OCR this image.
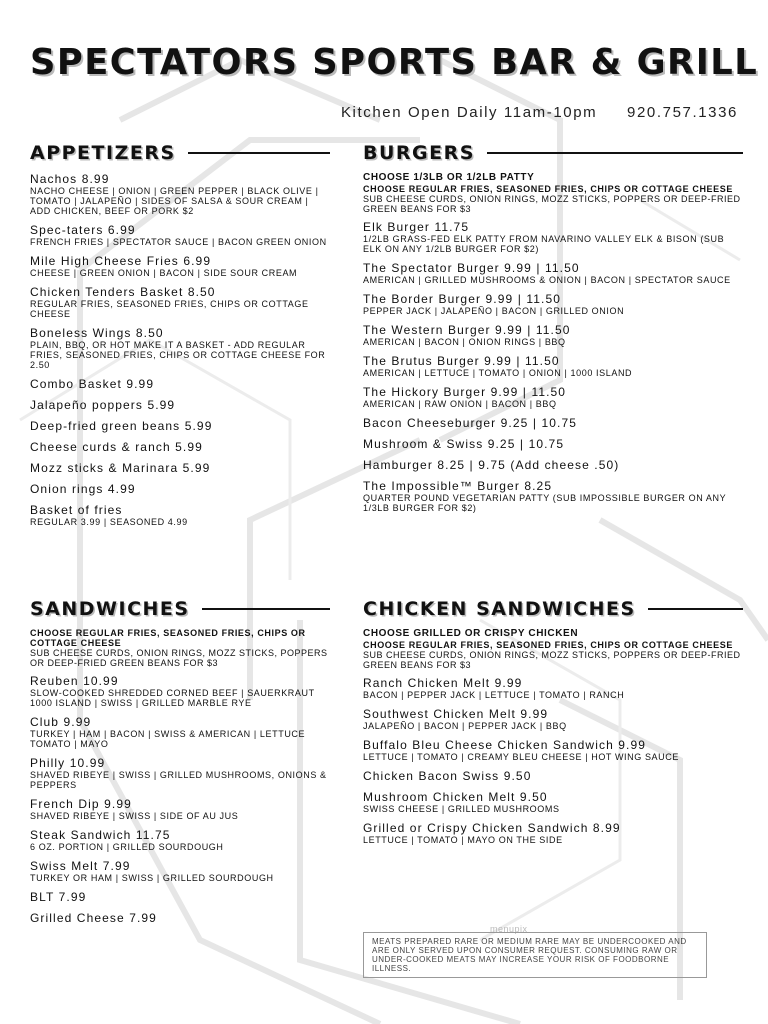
SPECTATORS SPORTS BAR & GRILL
Kitchen Open Daily 11am-10pm 920.757.1336
APPETIZERS
Nachos 8.99
NACHO CHEESE | ONION | GREEN PEPPER | BLACK OLIVE | TOMATO | JALAPEÑO | SIDES OF SALSA & SOUR CREAM | ADD CHICKEN, BEEF OR PORK $2
Spec-taters 6.99
FRENCH FRIES | SPECTATOR SAUCE | BACON GREEN ONION
Mile High Cheese Fries 6.99
CHEESE | GREEN ONION | BACON | SIDE SOUR CREAM
Chicken Tenders Basket 8.50
REGULAR FRIES, SEASONED FRIES, CHIPS OR COTTAGE CHEESE
Boneless Wings 8.50
PLAIN, BBQ, OR HOT MAKE IT A BASKET - ADD REGULAR FRIES, SEASONED FRIES, CHIPS OR COTTAGE CHEESE FOR 2.50
Combo Basket 9.99
Jalapeño poppers 5.99
Deep-fried green beans 5.99
Cheese curds & ranch 5.99
Mozz sticks & Marinara 5.99
Onion rings 4.99
Basket of fries
REGULAR 3.99 | SEASONED 4.99
BURGERS
CHOOSE 1/3LB OR 1/2LB PATTY
CHOOSE REGULAR FRIES, SEASONED FRIES, CHIPS OR COTTAGE CHEESE
SUB CHEESE CURDS, ONION RINGS, MOZZ STICKS, POPPERS OR DEEP-FRIED GREEN BEANS FOR $3
Elk Burger 11.75
1/2LB GRASS-FED ELK PATTY FROM NAVARINO VALLEY ELK & BISON (SUB ELK ON ANY 1/2LB BURGER FOR $2)
The Spectator Burger 9.99 | 11.50
AMERICAN | GRILLED MUSHROOMS & ONION | BACON | SPECTATOR SAUCE
The Border Burger 9.99 | 11.50
PEPPER JACK | JALAPEÑO | BACON | GRILLED ONION
The Western Burger 9.99 | 11.50
AMERICAN | BACON | ONION RINGS | BBQ
The Brutus Burger 9.99 | 11.50
AMERICAN | LETTUCE | TOMATO | ONION | 1000 ISLAND
The Hickory Burger 9.99 | 11.50
AMERICAN | RAW ONION | BACON | BBQ
Bacon Cheeseburger 9.25 | 10.75
Mushroom & Swiss 9.25 | 10.75
Hamburger 8.25 | 9.75 (Add cheese .50)
The Impossible™ Burger 8.25
QUARTER POUND VEGETARIAN PATTY (SUB IMPOSSIBLE BURGER ON ANY 1/3LB BURGER FOR $2)
SANDWICHES
CHOOSE REGULAR FRIES, SEASONED FRIES, CHIPS OR COTTAGE CHEESE
SUB CHEESE CURDS, ONION RINGS, MOZZ STICKS, POPPERS OR DEEP-FRIED GREEN BEANS FOR $3
Reuben 10.99
SLOW-COOKED SHREDDED CORNED BEEF | SAUERKRAUT 1000 ISLAND | SWISS | GRILLED MARBLE RYE
Club 9.99
TURKEY | HAM | BACON | SWISS & AMERICAN | LETTUCE TOMATO | MAYO
Philly 10.99
SHAVED RIBEYE | SWISS | GRILLED MUSHROOMS, ONIONS & PEPPERS
French Dip 9.99
SHAVED RIBEYE | SWISS | SIDE OF AU JUS
Steak Sandwich 11.75
6 OZ. PORTION | GRILLED SOURDOUGH
Swiss Melt 7.99
TURKEY OR HAM | SWISS | GRILLED SOURDOUGH
BLT 7.99
Grilled Cheese 7.99
CHICKEN SANDWICHES
CHOOSE GRILLED OR CRISPY CHICKEN
CHOOSE REGULAR FRIES, SEASONED FRIES, CHIPS OR COTTAGE CHEESE
SUB CHEESE CURDS, ONION RINGS, MOZZ STICKS, POPPERS OR DEEP-FRIED GREEN BEANS FOR $3
Ranch Chicken Melt 9.99
BACON | PEPPER JACK | LETTUCE | TOMATO | RANCH
Southwest Chicken Melt 9.99
JALAPEÑO | BACON | PEPPER JACK | BBQ
Buffalo Bleu Cheese Chicken Sandwich 9.99
LETTUCE | TOMATO | CREAMY BLEU CHEESE | HOT WING SAUCE
Chicken Bacon Swiss 9.50
Mushroom Chicken Melt 9.50
SWISS CHEESE | GRILLED MUSHROOMS
Grilled or Crispy Chicken Sandwich 8.99
LETTUCE | TOMATO | MAYO ON THE SIDE
menupix
MEATS PREPARED RARE OR MEDIUM RARE MAY BE UNDERCOOKED AND ARE ONLY SERVED UPON CONSUMER REQUEST. CONSUMING RAW OR UNDER-COOKED MEATS MAY INCREASE YOUR RISK OF FOODBORNE ILLNESS.
